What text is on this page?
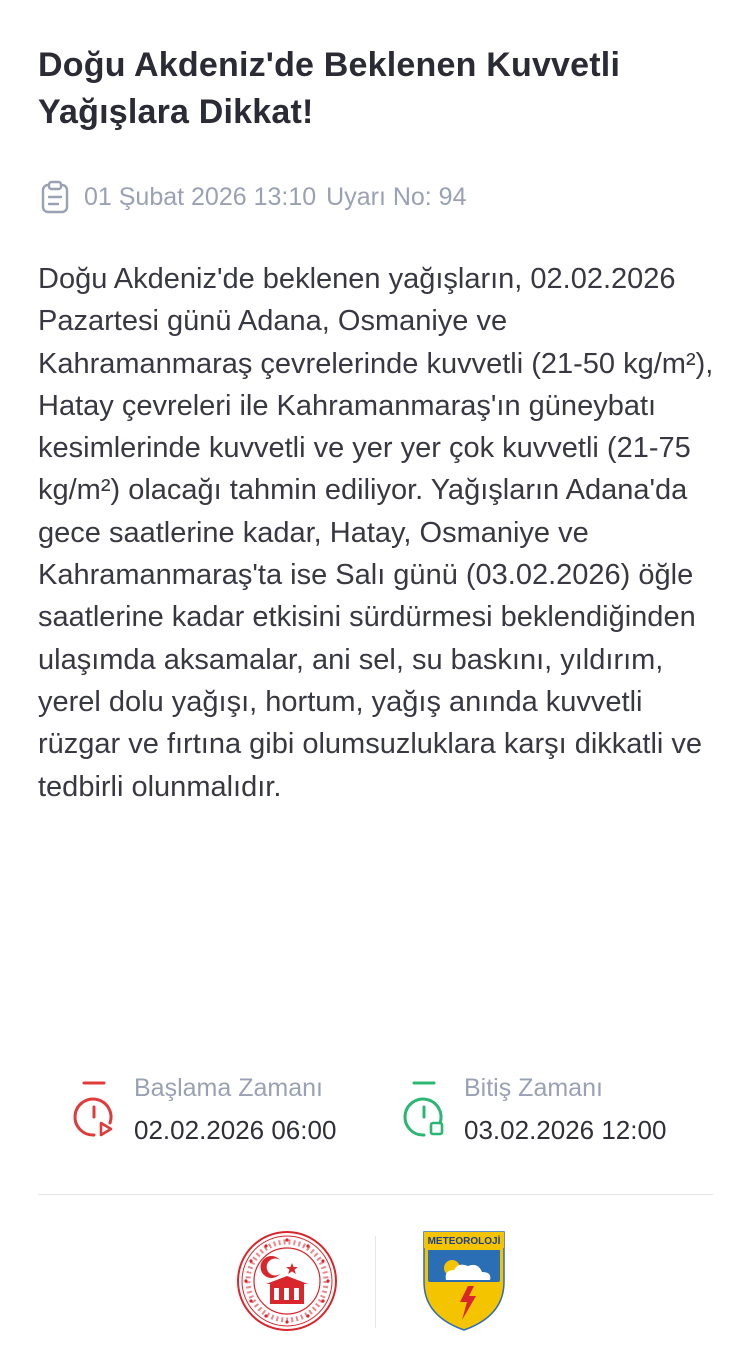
Doğu Akdeniz'de Beklenen Kuvvetli Yağışlara Dikkat!
01 Şubat 2026 13:10 Uyarı No: 94
Doğu Akdeniz'de beklenen yağışların, 02.02.2026 Pazartesi günü Adana, Osmaniye ve Kahramanmaraş çevrelerinde kuvvetli (21-50 kg/m²), Hatay çevreleri ile Kahramanmaraş'ın güneybatı kesimlerinde kuvvetli ve yer yer çok kuvvetli (21-75 kg/m²) olacağı tahmin ediliyor. Yağışların Adana'da gece saatlerine kadar, Hatay, Osmaniye ve Kahramanmaraş'ta ise Salı günü (03.02.2026) öğle saatlerine kadar etkisini sürdürmesi beklendiğinden ulaşımda aksamalar, ani sel, su baskını, yıldırım, yerel dolu yağışı, hortum, yağış anında kuvvetli rüzgar ve fırtına gibi olumsuzluklara karşı dikkatli ve tedbirli olunmalıdır.
Başlama Zamanı
02.02.2026 06:00
Bitiş Zamanı
03.02.2026 12:00
METEOROLOJİ
